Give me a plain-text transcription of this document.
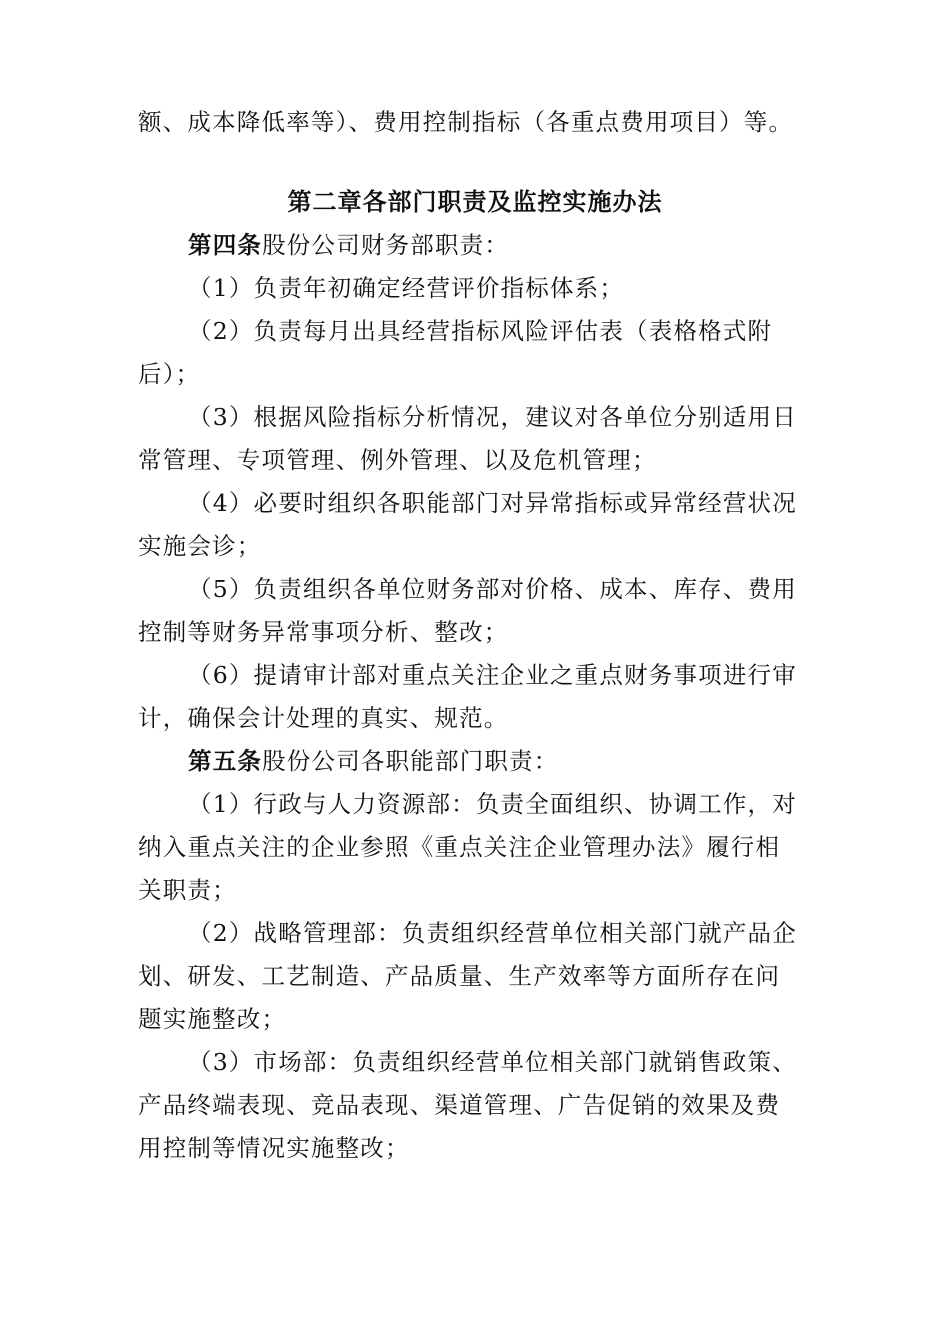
额、成本降低率等）、费用控制指标（各重点费用项目）等。
第二章各部门职责及监控实施办法
第四条股份公司财务部职责：
（1）负责年初确定经营评价指标体系；
（2）负责每月出具经营指标风险评估表（表格格式附
后）；
（3）根据风险指标分析情况，建议对各单位分别适用日
常管理、专项管理、例外管理、以及危机管理；
（4）必要时组织各职能部门对异常指标或异常经营状况
实施会诊；
（5）负责组织各单位财务部对价格、成本、库存、费用
控制等财务异常事项分析、整改；
（6）提请审计部对重点关注企业之重点财务事项进行审
计，确保会计处理的真实、规范。
第五条股份公司各职能部门职责：
（1）行政与人力资源部：负责全面组织、协调工作，对
纳入重点关注的企业参照《重点关注企业管理办法》履行相
关职责；
（2）战略管理部：负责组织经营单位相关部门就产品企
划、研发、工艺制造、产品质量、生产效率等方面所存在问
题实施整改；
（3）市场部：负责组织经营单位相关部门就销售政策、
产品终端表现、竞品表现、渠道管理、广告促销的效果及费
用控制等情况实施整改；
